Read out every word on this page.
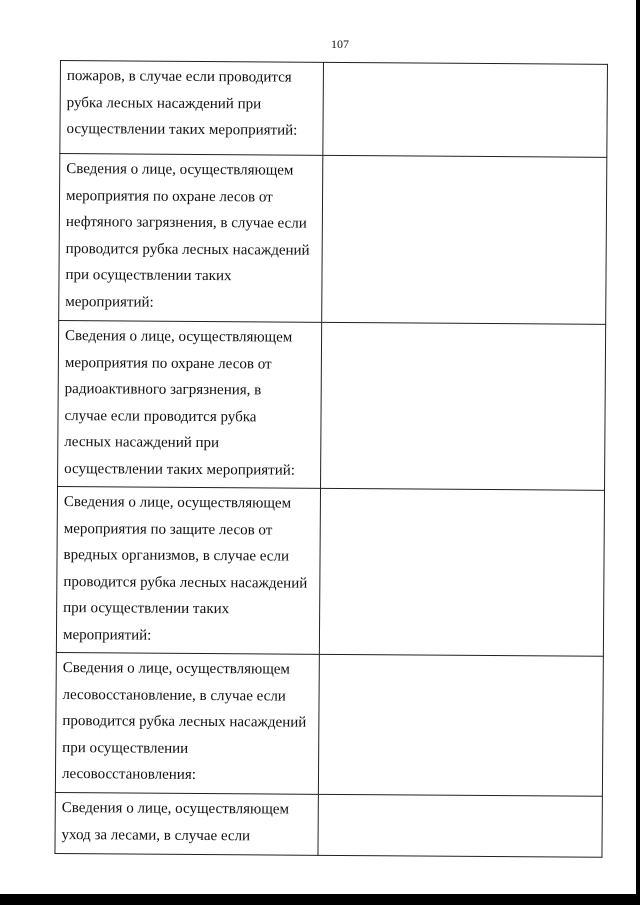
107
пожаров, в случае если проводится рубка лесных насаждений при осуществлении таких мероприятий:	

Сведения о лице, осуществляющем мероприятия по охране лесов от нефтяного загрязнения, в случае если проводится рубка лесных насаждений при осуществлении таких мероприятий:	

Сведения о лице, осуществляющем мероприятия по охране лесов от радиоактивного загрязнения, в случае если проводится рубка лесных насаждений при осуществлении таких мероприятий:	

Сведения о лице, осуществляющем мероприятия по защите лесов от вредных организмов, в случае если проводится рубка лесных насаждений при осуществлении таких мероприятий:	

Сведения о лице, осуществляющем лесовосстановление, в случае если проводится рубка лесных насаждений при осуществлении лесовосстановления:	

Сведения о лице, осуществляющем уход за лесами, в случае если	
